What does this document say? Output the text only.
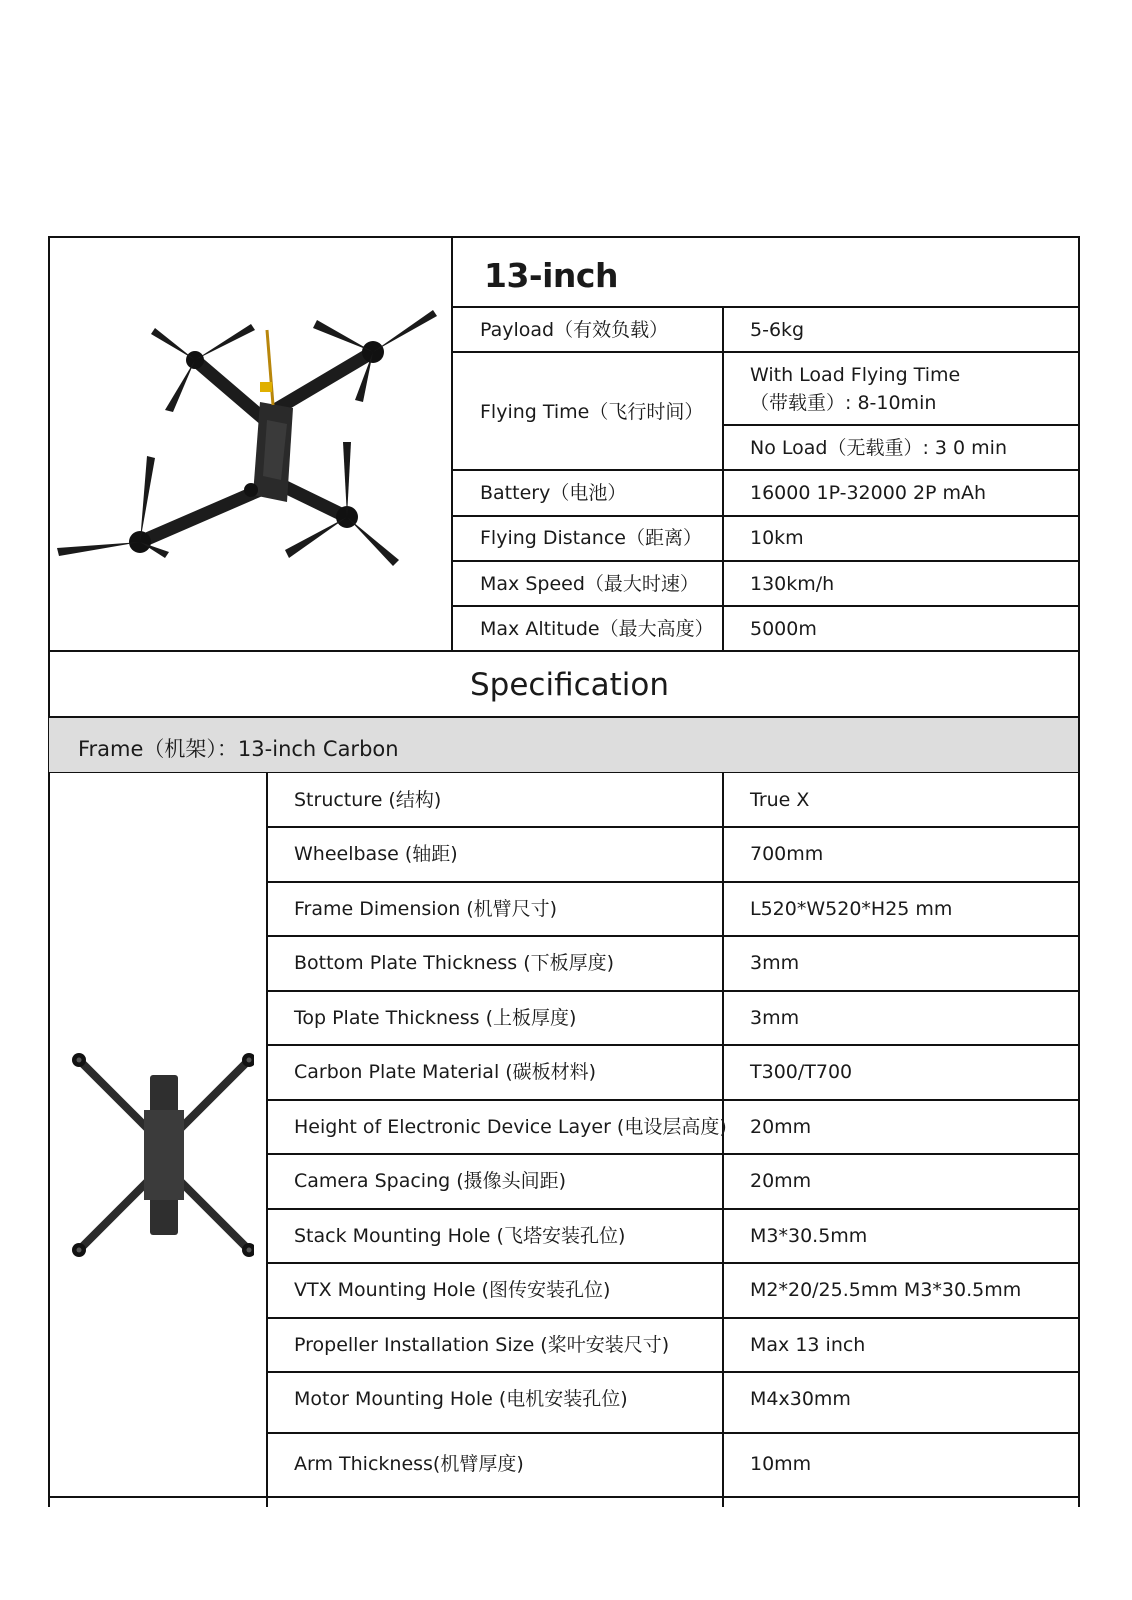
13-inch
Payload（有效负载）	5-6kg
Flying Time（飞行时间）
With Load Flying Time
（带载重）: 8-10min
No Load（无载重）: 3 0 min
Battery（电池）	16000 1P-32000 2P mAh
Flying Distance（距离）	10km
Max Speed（最大时速）	130km/h
Max Altitude（最大高度） 5000m
Specification
Frame（机架）：13-inch Carbon
Structure (结构)	True X
Wheelbase (轴距)	700mm
Frame Dimension (机臂尺寸)	L520*W520*H25 mm
Bottom Plate Thickness (下板厚度)	3mm
Top Plate Thickness (上板厚度)	3mm
Carbon Plate Material (碳板材料)	T300/T700
Height of Electronic Device Layer (电设层高度) 20mm
Camera Spacing (摄像头间距)	20mm
Stack Mounting Hole (飞塔安装孔位)	M3*30.5mm
VTX Mounting Hole (图传安装孔位)	M2*20/25.5mm M3*30.5mm
Propeller Installation Size (桨叶安装尺寸)	Max 13 inch
Motor Mounting Hole (电机安装孔位)	M4x30mm
Arm Thickness(机臂厚度)	10mm
